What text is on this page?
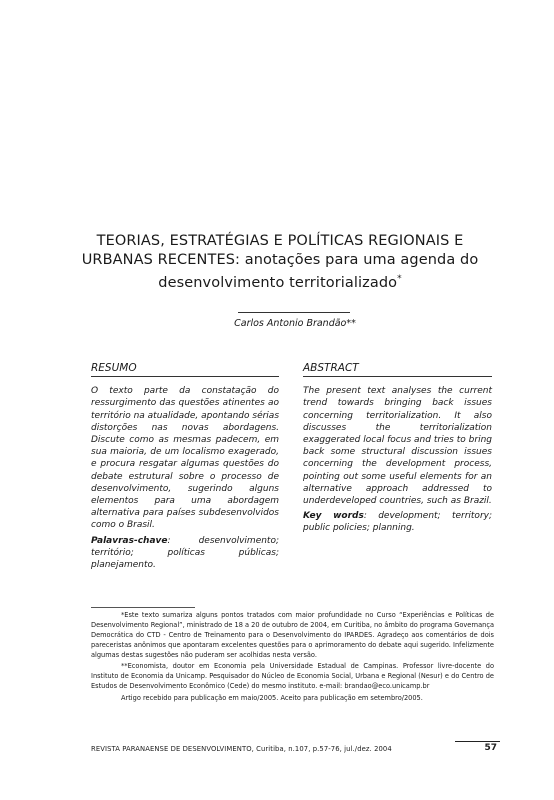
TEORIAS, ESTRATÉGIAS E POLÍTICAS REGIONAIS E URBANAS RECENTES: anotações para uma agenda do desenvolvimento territorializado*
Carlos Antonio Brandão**
RESUMO

O texto parte da constatação do ressurgimento das questões atinentes ao território na atualidade, apontando sérias distorções nas novas abordagens. Discute como as mesmas padecem, em sua maioria, de um localismo exagerado, e procura resgatar algumas questões do debate estrutural sobre o processo de desenvolvimento, sugerindo alguns elementos para uma abordagem alternativa para países subdesenvolvidos como o Brasil.

Palavras-chave: desenvolvimento; território; políticas públicas; planejamento.

ABSTRACT

The present text analyses the current trend towards bringing back issues concerning territorialization. It also discusses the territorialization exaggerated local focus and tries to bring back some structural discussion issues concerning the development process, pointing out some useful elements for an alternative approach addressed to underdeveloped countries, such as Brazil.

Key words: development; territory; public policies; planning.

*Este texto sumariza alguns pontos tratados com maior profundidade no Curso “Experiências e Políticas de Desenvolvimento Regional”, ministrado de 18 a 20 de outubro de 2004, em Curitiba, no âmbito do programa Governança Democrática do CTD - Centro de Treinamento para o Desenvolvimento do IPARDES. Agradeço aos comentários de dois pareceristas anônimos que apontaram excelentes questões para o aprimoramento do debate aqui sugerido. Infelizmente algumas destas sugestões não puderam ser acolhidas nesta versão.

**Economista, doutor em Economia pela Universidade Estadual de Campinas. Professor livre-docente do Instituto de Economia da Unicamp. Pesquisador do Núcleo de Economia Social, Urbana e Regional (Nesur) e do Centro de Estudos de Desenvolvimento Econômico (Cede) do mesmo instituto. e-mail: brandao@eco.unicamp.br

Artigo recebido para publicação em maio/2005. Aceito para publicação em setembro/2005.

REVISTA PARANAENSE DE DESENVOLVIMENTO, Curitiba, n.107, p.57-76, jul./dez. 2004	57
